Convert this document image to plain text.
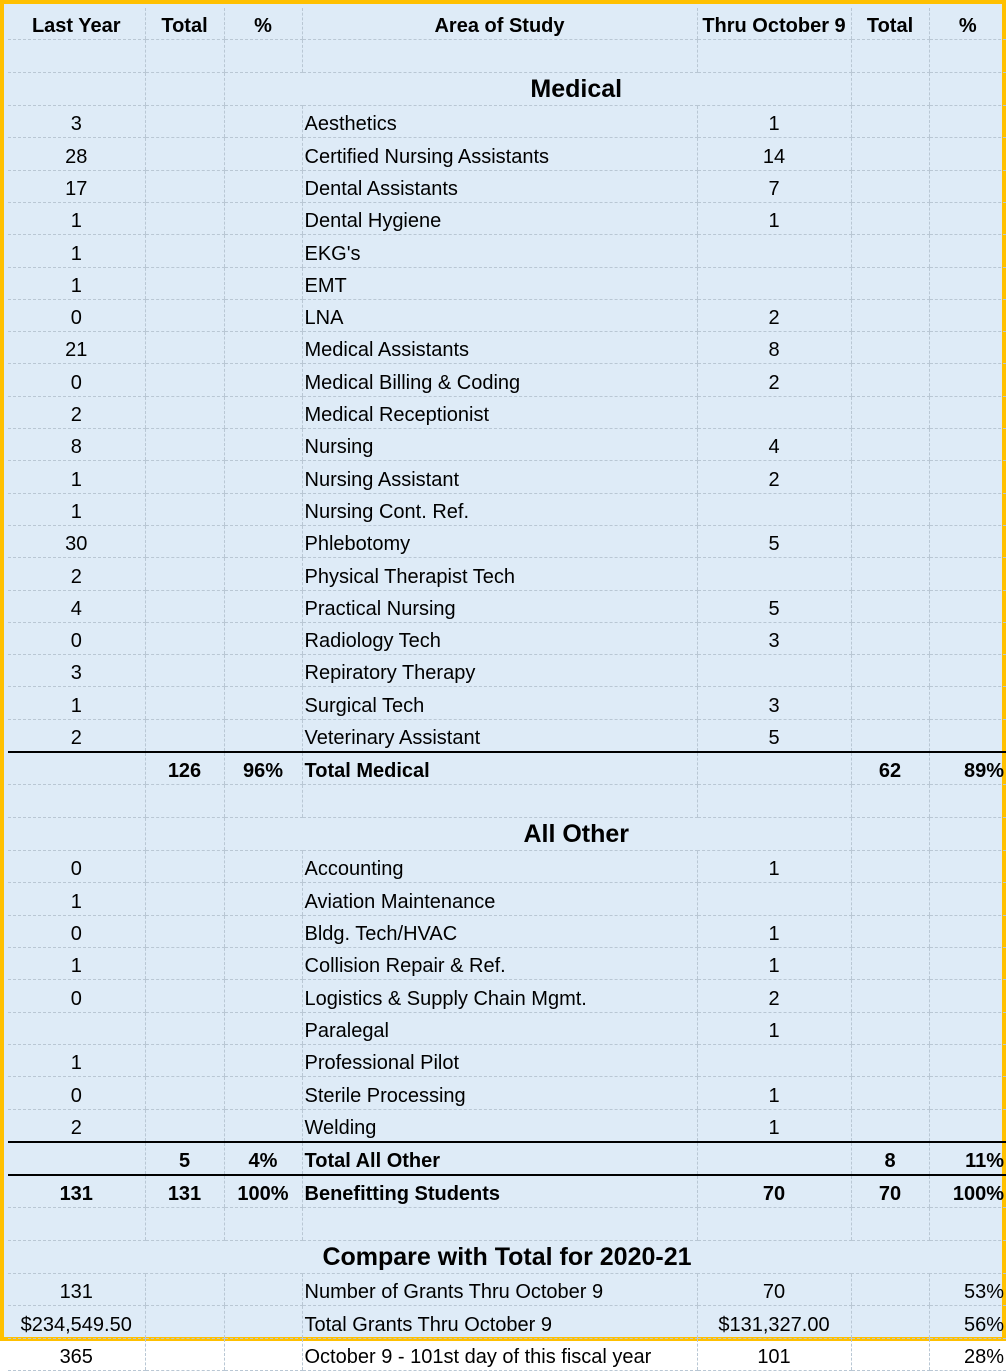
Last Year	Total	%	Area of Study	Thru October 9	Total	%

			Medical			
3			Aesthetics	1		
28			Certified Nursing Assistants	14		
17			Dental Assistants	7		
1			Dental Hygiene	1		
1			EKG's			
1			EMT			
0			LNA	2		
21			Medical Assistants	8		
0			Medical Billing & Coding	2		
2			Medical Receptionist			
8			Nursing	4		
1			Nursing Assistant	2		
1			Nursing Cont. Ref.			
30			Phlebotomy	5		
2			Physical Therapist Tech			
4			Practical Nursing	5		
0			Radiology Tech	3		
3			Repiratory Therapy			
1			Surgical Tech	3		
2			Veterinary Assistant	5		
	126	96%	Total Medical		62	89%

			All Other			
0			Accounting	1		
1			Aviation Maintenance			
0			Bldg. Tech/HVAC	1		
1			Collision Repair & Ref.	1		
0			Logistics & Supply Chain Mgmt.	2		
			Paralegal	1		
1			Professional Pilot			
0			Sterile Processing	1		
2			Welding	1		
	5	4%	Total All Other		8	11%
131	131	100%	Benefitting Students	70	70	100%

Compare with Total for 2020-21						
131			Number of Grants Thru October 9	70		53%
$234,549.50			Total Grants Thru October 9	$131,327.00		56%
365			October 9 - 101st day of this fiscal year	101		28%
